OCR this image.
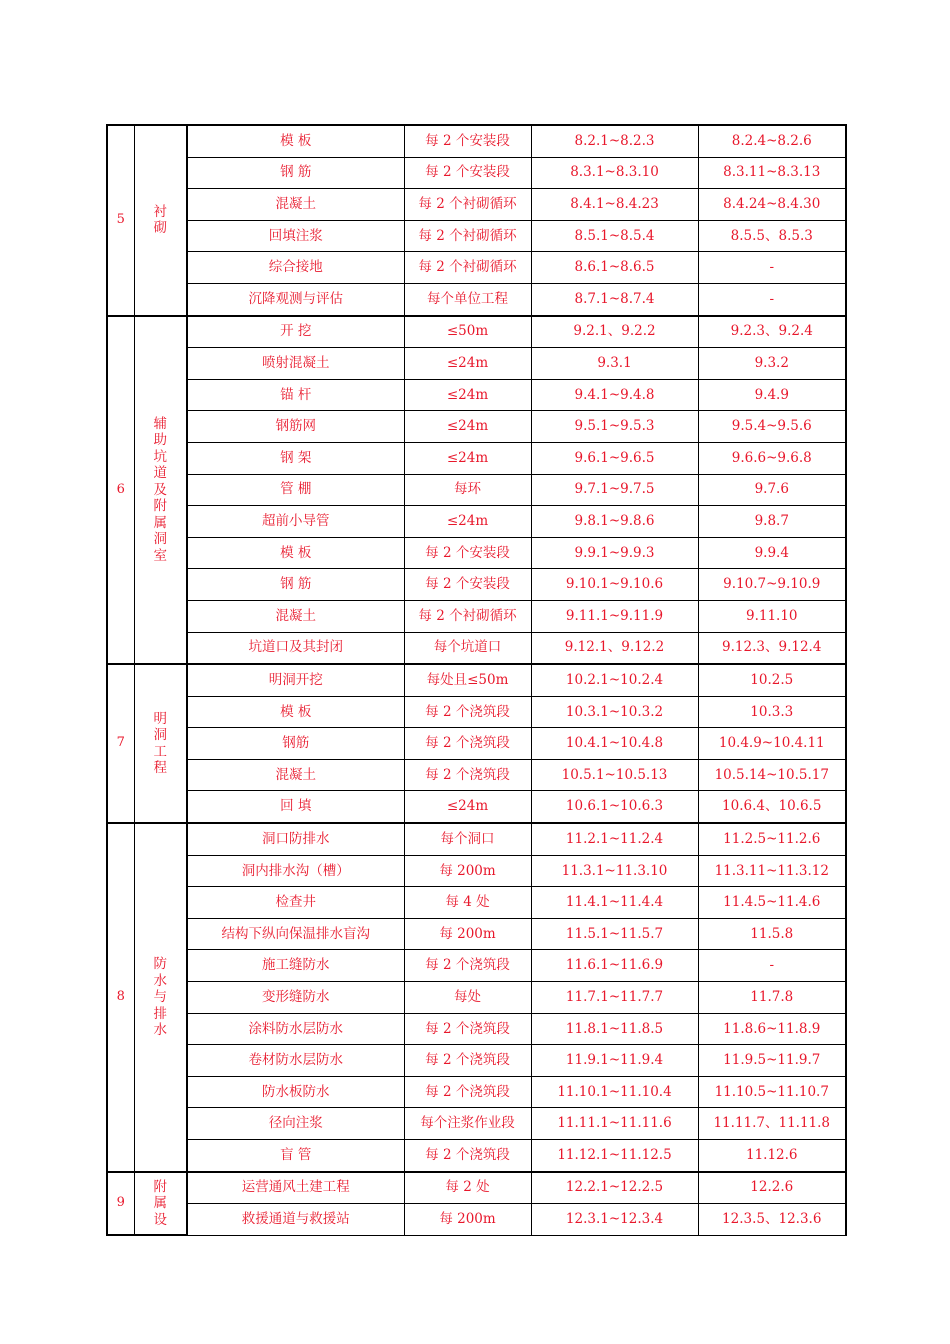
5	衬砌	模 板	每 2 个安装段	8.2.1~8.2.3	8.2.4~8.2.6
		钢 筋	每 2 个安装段	8.3.1~8.3.10	8.3.11~8.3.13
		混凝土	每 2 个衬砌循环	8.4.1~8.4.23	8.4.24~8.4.30
		回填注浆	每 2 个衬砌循环	8.5.1~8.5.4	8.5.5、8.5.3
		综合接地	每 2 个衬砌循环	8.6.1~8.6.5	-
		沉降观测与评估	每个单位工程	8.7.1~8.7.4	-
6	辅助坑道及附属洞室	开 挖	≤50m	9.2.1、9.2.2	9.2.3、9.2.4
		喷射混凝土	≤24m	9.3.1	9.3.2
		锚 杆	≤24m	9.4.1~9.4.8	9.4.9
		钢筋网	≤24m	9.5.1~9.5.3	9.5.4~9.5.6
		钢 架	≤24m	9.6.1~9.6.5	9.6.6~9.6.8
		管 棚	每环	9.7.1~9.7.5	9.7.6
		超前小导管	≤24m	9.8.1~9.8.6	9.8.7
		模 板	每 2 个安装段	9.9.1~9.9.3	9.9.4
		钢 筋	每 2 个安装段	9.10.1~9.10.6	9.10.7~9.10.9
		混凝土	每 2 个衬砌循环	9.11.1~9.11.9	9.11.10
		坑道口及其封闭	每个坑道口	9.12.1、9.12.2	9.12.3、9.12.4
7	明洞工程	明洞开挖	每处且≤50m	10.2.1~10.2.4	10.2.5
		模 板	每 2 个浇筑段	10.3.1~10.3.2	10.3.3
		钢筋	每 2 个浇筑段	10.4.1~10.4.8	10.4.9~10.4.11
		混凝土	每 2 个浇筑段	10.5.1~10.5.13	10.5.14~10.5.17
		回 填	≤24m	10.6.1~10.6.3	10.6.4、10.6.5
8	防水与排水	洞口防排水	每个洞口	11.2.1~11.2.4	11.2.5~11.2.6
		洞内排水沟（槽）	每 200m	11.3.1~11.3.10	11.3.11~11.3.12
		检查井	每 4 处	11.4.1~11.4.4	11.4.5~11.4.6
		结构下纵向保温排水盲沟	每 200m	11.5.1~11.5.7	11.5.8
		施工缝防水	每 2 个浇筑段	11.6.1~11.6.9	-
		变形缝防水	每处	11.7.1~11.7.7	11.7.8
		涂料防水层防水	每 2 个浇筑段	11.8.1~11.8.5	11.8.6~11.8.9
		卷材防水层防水	每 2 个浇筑段	11.9.1~11.9.4	11.9.5~11.9.7
		防水板防水	每 2 个浇筑段	11.10.1~11.10.4	11.10.5~11.10.7
		径向注浆	每个注浆作业段	11.11.1~11.11.6	11.11.7、11.11.8
		盲 管	每 2 个浇筑段	11.12.1~11.12.5	11.12.6
9	附属设	运营通风土建工程	每 2 处	12.2.1~12.2.5	12.2.6
		救援通道与救援站	每 200m	12.3.1~12.3.4	12.3.5、12.3.6
